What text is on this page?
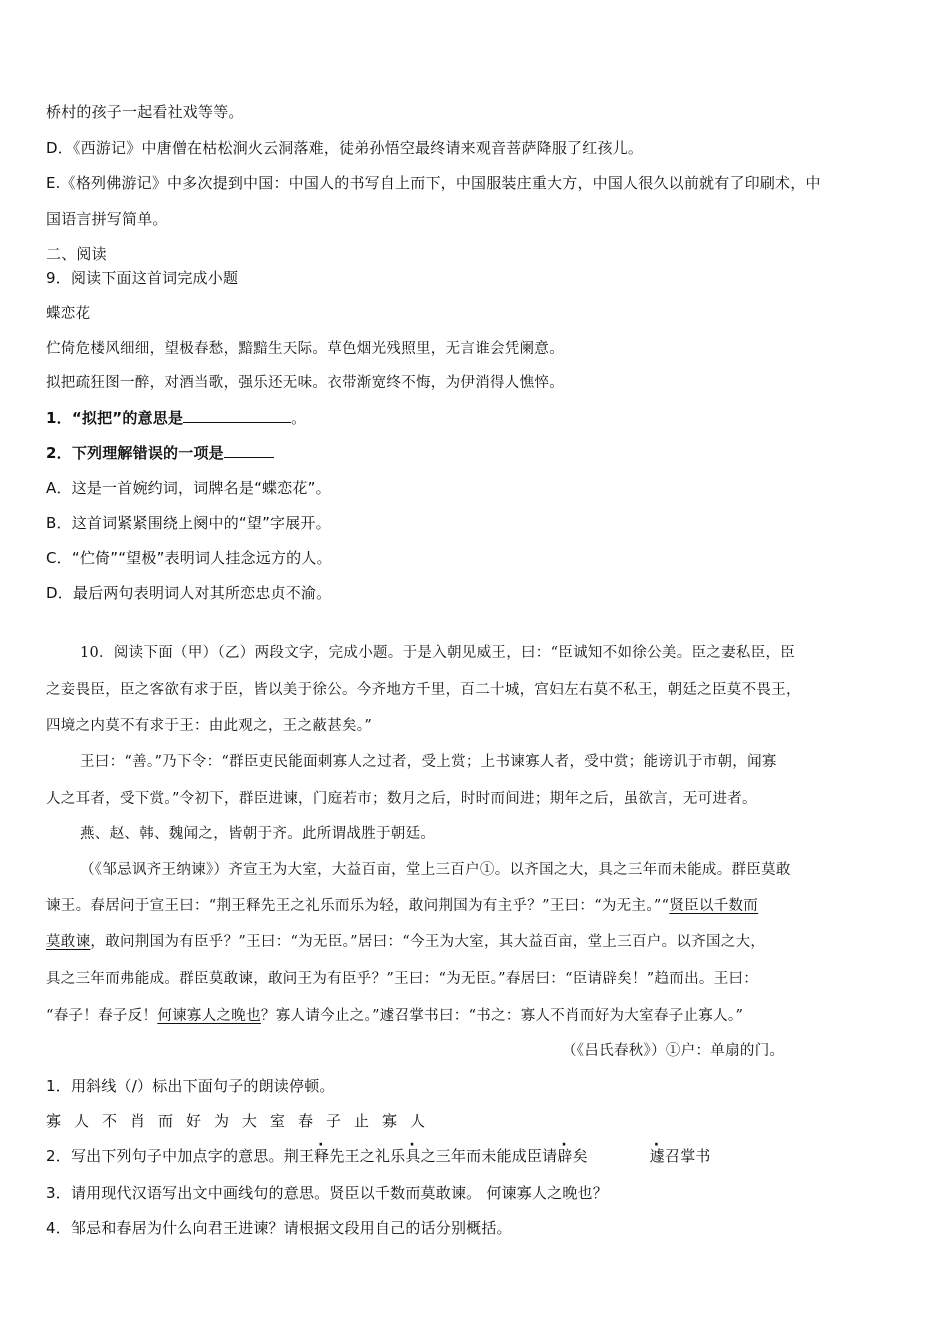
桥村的孩子一起看社戏等等。
D．《西游记》中唐僧在枯松涧火云洞落难，徒弟孙悟空最终请来观音菩萨降服了红孩儿。
E.《格列佛游记》中多次提到中国：中国人的书写自上而下，中国服装庄重大方，中国人很久以前就有了印刷术，中
国语言拼写简单。
二、阅读
9．阅读下面这首词完成小题
蝶恋花
伫倚危楼风细细，望极春愁，黯黯生天际。草色烟光残照里，无言谁会凭阑意。
拟把疏狂图一醉，对酒当歌，强乐还无味。衣带渐宽终不悔，为伊消得人憔悴。
1．“拟把”的意思是	。
2．下列理解错误的一项是
A．这是一首婉约词，词牌名是“蝶恋花”。
B．这首词紧紧围绕上阕中的“望”字展开。
C．“伫倚”“望极”表明词人挂念远方的人。
D．最后两句表明词人对其所恋忠贞不渝。
10．阅读下面（甲）（乙）两段文字，完成小题。于是入朝见威王，曰：“臣诚知不如徐公美。臣之妻私臣，臣
之妾畏臣，臣之客欲有求于臣，皆以美于徐公。今齐地方千里，百二十城，宫妇左右莫不私王，朝廷之臣莫不畏王，
四境之内莫不有求于王：由此观之，王之蔽甚矣。”
王曰：“善。”乃下令：“群臣吏民能面刺寡人之过者，受上赏；上书谏寡人者，受中赏；能谤讥于市朝，闻寡
人之耳者，受下赏。”令初下，群臣进谏，门庭若市；数月之后，时时而间进；期年之后，虽欲言，无可进者。
燕、赵、韩、魏闻之，皆朝于齐。此所谓战胜于朝廷。
（《邹忌讽齐王纳谏》）齐宣王为大室，大益百亩，堂上三百户①。以齐国之大，具之三年而未能成。群臣莫敢
谏王。春居问于宣王曰：“荆王释先王之礼乐而乐为轻，敢问荆国为有主乎？”王曰：“为无主。”“贤臣以千数而
莫敢谏，敢问荆国为有臣乎？”王曰：“为无臣。”居曰：“今王为大室，其大益百亩，堂上三百户。以齐国之大，
具之三年而弗能成。群臣莫敢谏，敢问王为有臣乎？”王曰：“为无臣。”春居曰：“臣请辟矣！”趋而出。王曰：
“春子！春子反！何谏寡人之晚也？寡人请今止之。”遽召掌书曰：“书之：寡人不肖而好为大室春子止寡人。”
（《吕氏春秋》）①户：单扇的门。
1．用斜线（/）标出下面句子的朗读停顿。
寡人不肖而好为大室春子止寡人
2．写出下列句子中加点字的意思。荆王释先王之礼乐具之三年而未能成臣请辟矣	遽召掌书
3．请用现代汉语写出文中画线句的意思。贤臣以千数而莫敢谏。 何谏寡人之晚也？
4．邹忌和春居为什么向君王进谏？请根据文段用自己的话分别概括。
